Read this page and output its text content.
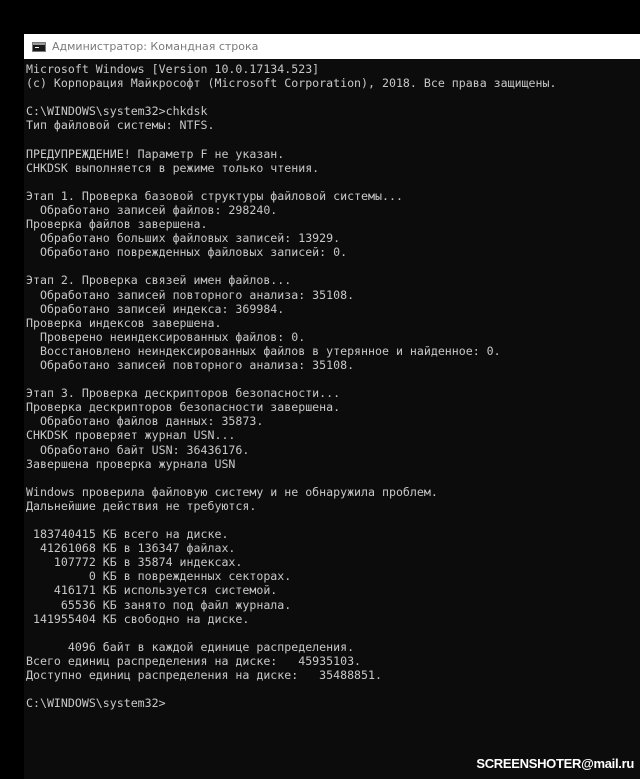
Администратор: Командная строка
Microsoft Windows [Version 10.0.17134.523]
(c) Корпорация Майкрософт (Microsoft Corporation), 2018. Все права защищены.
C:\WINDOWS\system32>chkdsk
Тип файловой системы: NTFS.
ПРЕДУПРЕЖДЕНИЕ! Параметр F не указан.
CHKDSK выполняется в режиме только чтения.
Этап 1. Проверка базовой структуры файловой системы...
Обработано записей файлов: 298240.
Проверка файлов завершена.
Обработано больших файловых записей: 13929.
Обработано поврежденных файловых записей: 0.
Этап 2. Проверка связей имен файлов...
Обработано записей повторного анализа: 35108.
Обработано записей индекса: 369984.
Проверка индексов завершена.
Проверено неиндексированных файлов: 0.
Восстановлено неиндексированных файлов в утерянное и найденное: 0.
Обработано записей повторного анализа: 35108.
Этап 3. Проверка дескрипторов безопасности...
Проверка дескрипторов безопасности завершена.
Обработано файлов данных: 35873.
CHKDSK проверяет журнал USN...
Обработано байт USN: 36436176.
Завершена проверка журнала USN
Windows проверила файловую систему и не обнаружила проблем.
Дальнейшие действия не требуются.
183740415 КБ всего на диске.
41261068 КБ в 136347 файлах.
107772 КБ в 35874 индексах.
0 КБ в поврежденных секторах.
416171 КБ используется системой.
65536 КБ занято под файл журнала.
141955404 КБ свободно на диске.
4096 байт в каждой единице распределения.
Всего единиц распределения на диске:   45935103.
Доступно единиц распределения на диске:   35488851.
C:\WINDOWS\system32>
SCREENSHOTER@mail.ru
